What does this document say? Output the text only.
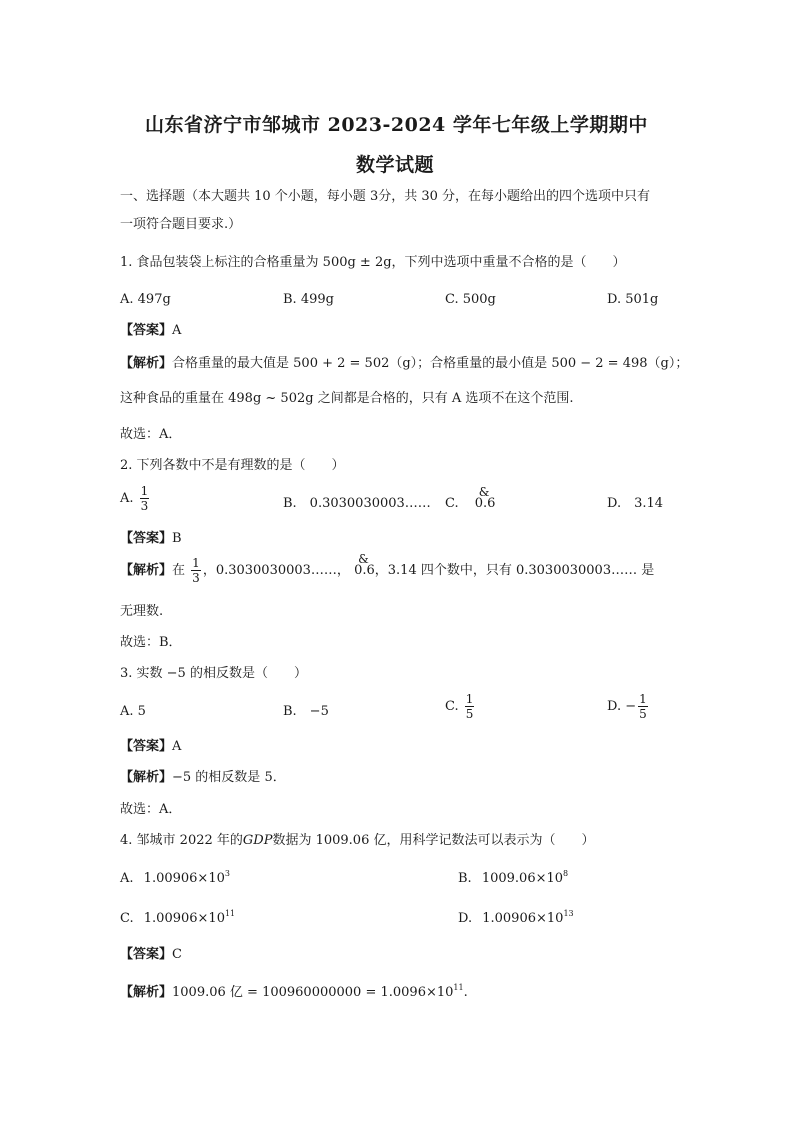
山东省济宁市邹城市 2023-2024 学年七年级上学期期中
数学试题
一、选择题（本大题共 10 个小题，每小题 3分，共 30 分，在每小题给出的四个选项中只有
一项符合题目要求.）
1. 食品包装袋上标注的合格重量为 500g ± 2g，下列中选项中重量不合格的是（　　）
A. 497g	B. 499g	C. 500g	D. 501g
【答案】A
【解析】合格重量的最大值是 500 + 2 = 502（g）；合格重量的最小值是 500 − 2 = 498（g）；
这种食品的重量在 498g ~ 502g 之间都是合格的，只有 A 选项不在这个范围.
故选：A．
2. 下列各数中不是有理数的是（　　）
A. $\frac{1}{3}$	B.　0.3030030003…… C.
&
0.6	D.　3.14
【答案】B
【解析】在 $\frac{1}{3}$ ，0.3030030003……，
&
0.6，3.14 四个数中，只有 0.3030030003…… 是
无理数.
故选：B．
3. 实数 −5 的相反数是（　　）
A. 5	B.　−5	C. $\frac{1}{5}$	D. − $\frac{1}{5}$
【答案】A
【解析】−5 的相反数是 5．
故选：A．
4. 邹城市 2022 年的GDP数据为 1009.06 亿，用科学记数法可以表示为（　　）
A. $1.00906\times 10^3$	B. $1009.06\times 10^8$
C. $1.00906\times 10^{11}$	D. $1.00906\times 10^{13}$
【答案】C
【解析】1009.06 亿 = $100960000000 = 1.0096\times 10^{11}$.
